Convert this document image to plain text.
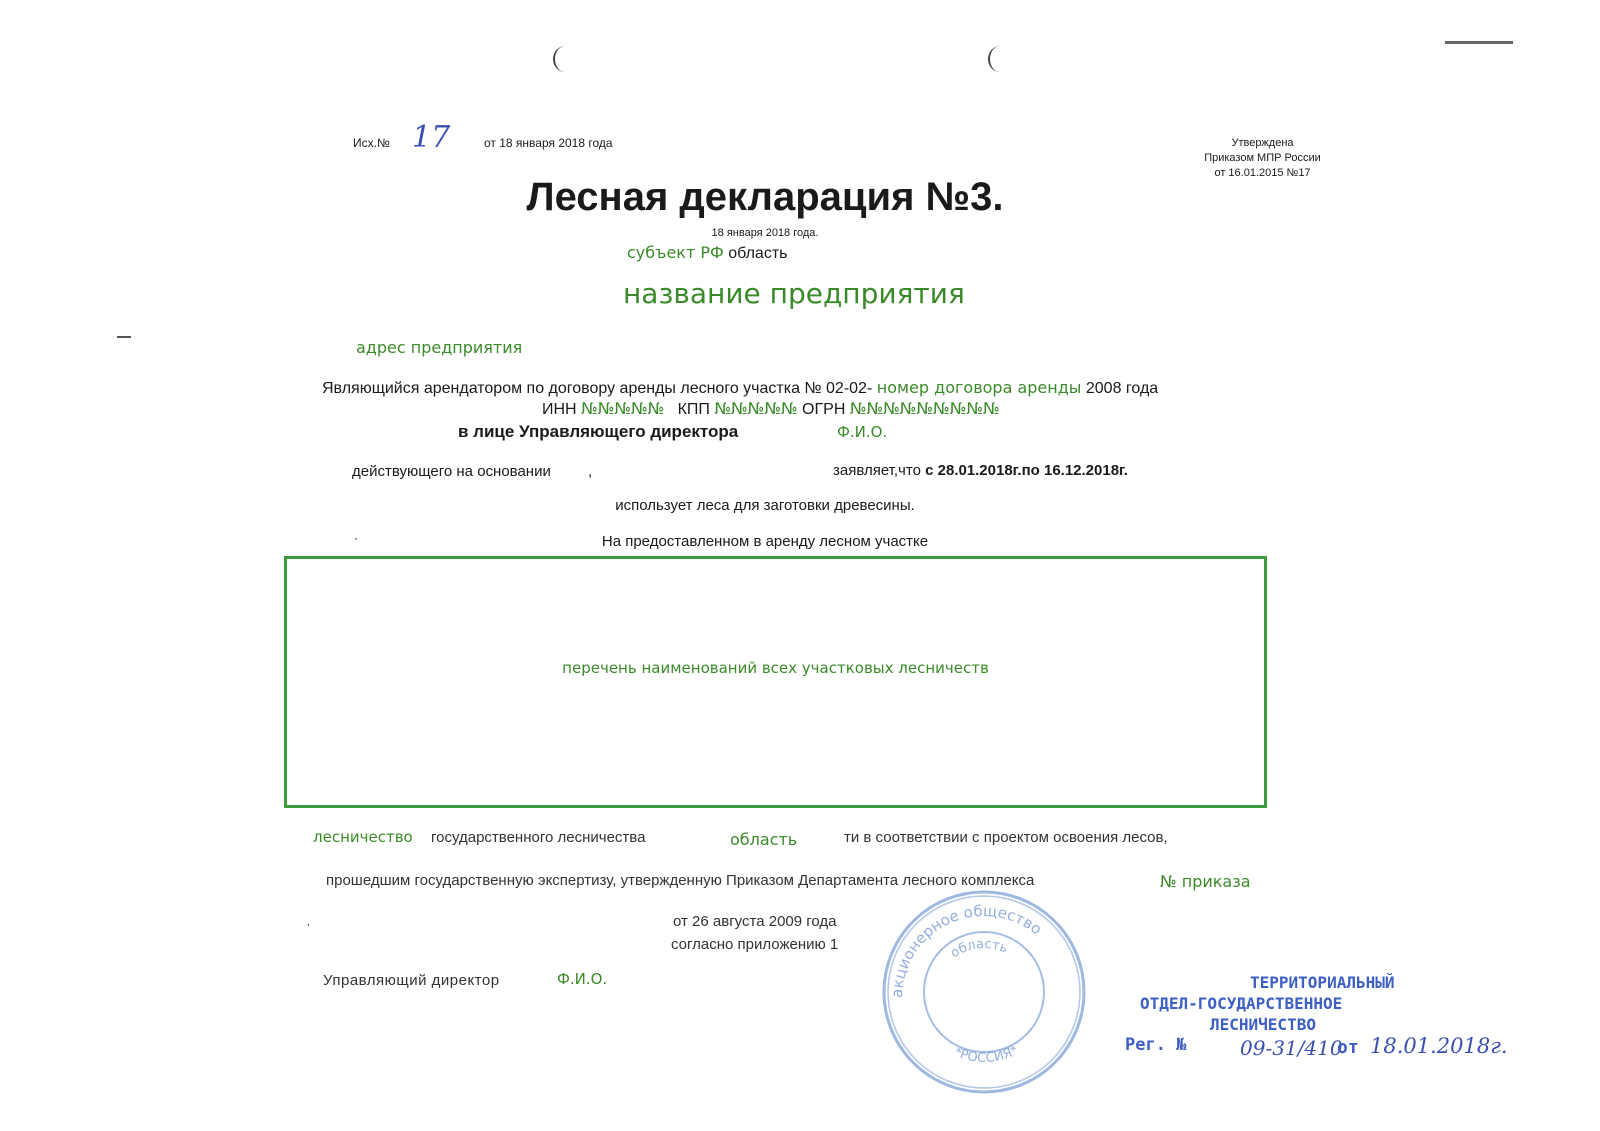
Исх.№ 17	от 18 января 2018 года	Утверждена
Приказом МПР России
от 16.01.2015 №17
Лесная декларация №3.
18 января 2018 года.
субъект РФ область
название предприятия
адрес предприятия
Являющийся арендатором по договору аренды лесного участка № 02-02- номер договора аренды 2008 года
ИНН №№№№№ КПП №№№№№ ОГРН №№№№№№№№№
в лице Управляющего директора	Ф.И.О.
действующего на основании ,	заявляет,что с 28.01.2018г.по 16.12.2018г.
использует леса для заготовки древесины.
ˎ
На предоставленном в аренду лесном участке
перечень наименований всех участковых лесничеств
лесничество государственного лесничества	область	ти в соответствии с проектом освоения лесов,
прошедшим государственную экспертизу, утвержденную Приказом Департамента лесного комплекса	№ приказа
ˌ	от 26 августа 2009 года
согласно приложению 1
Управляющий директор	Ф.И.О.
акционерное общество
область
*РОССИЯ*
ТЕРРИТОРИАЛЬНЫЙ
ОТДЕЛ-ГОСУДАРСТВЕННОЕ
ЛЕСНИЧЕСТВО
Рег. №	09-31/410
от 18.01.2018г.
